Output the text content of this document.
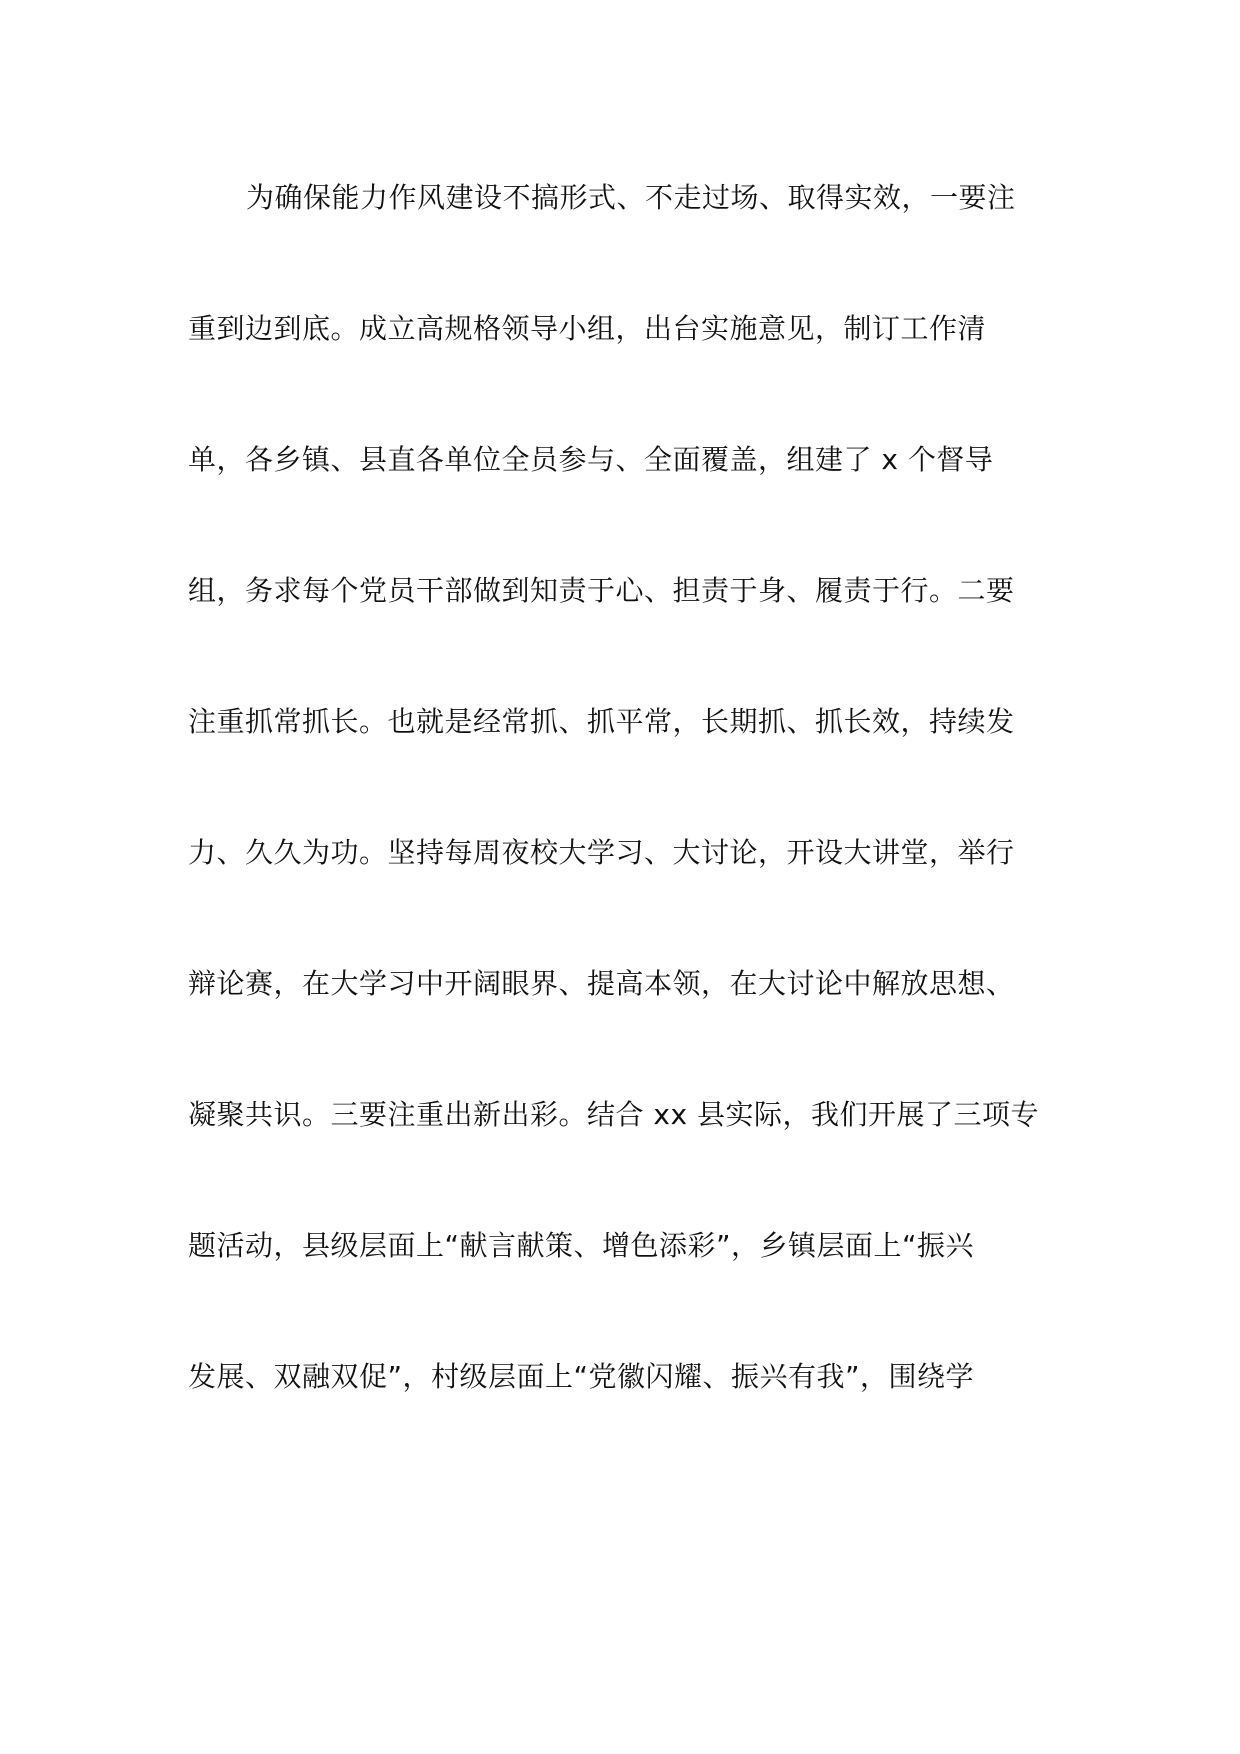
为确保能力作风建设不搞形式、不走过场、取得实效，一要注
重到边到底。成立高规格领导小组，出台实施意见，制订工作清
单，各乡镇、县直各单位全员参与、全面覆盖，组建了 x 个督导
组，务求每个党员干部做到知责于心、担责于身、履责于行。二要
注重抓常抓长。也就是经常抓、抓平常，长期抓、抓长效，持续发
力、久久为功。坚持每周夜校大学习、大讨论，开设大讲堂，举行
辩论赛，在大学习中开阔眼界、提高本领，在大讨论中解放思想、
凝聚共识。三要注重出新出彩。结合 xx 县实际，我们开展了三项专
题活动，县级层面上“献言献策、增色添彩”，乡镇层面上“振兴
发展、双融双促”，村级层面上“党徽闪耀、振兴有我”，围绕学
